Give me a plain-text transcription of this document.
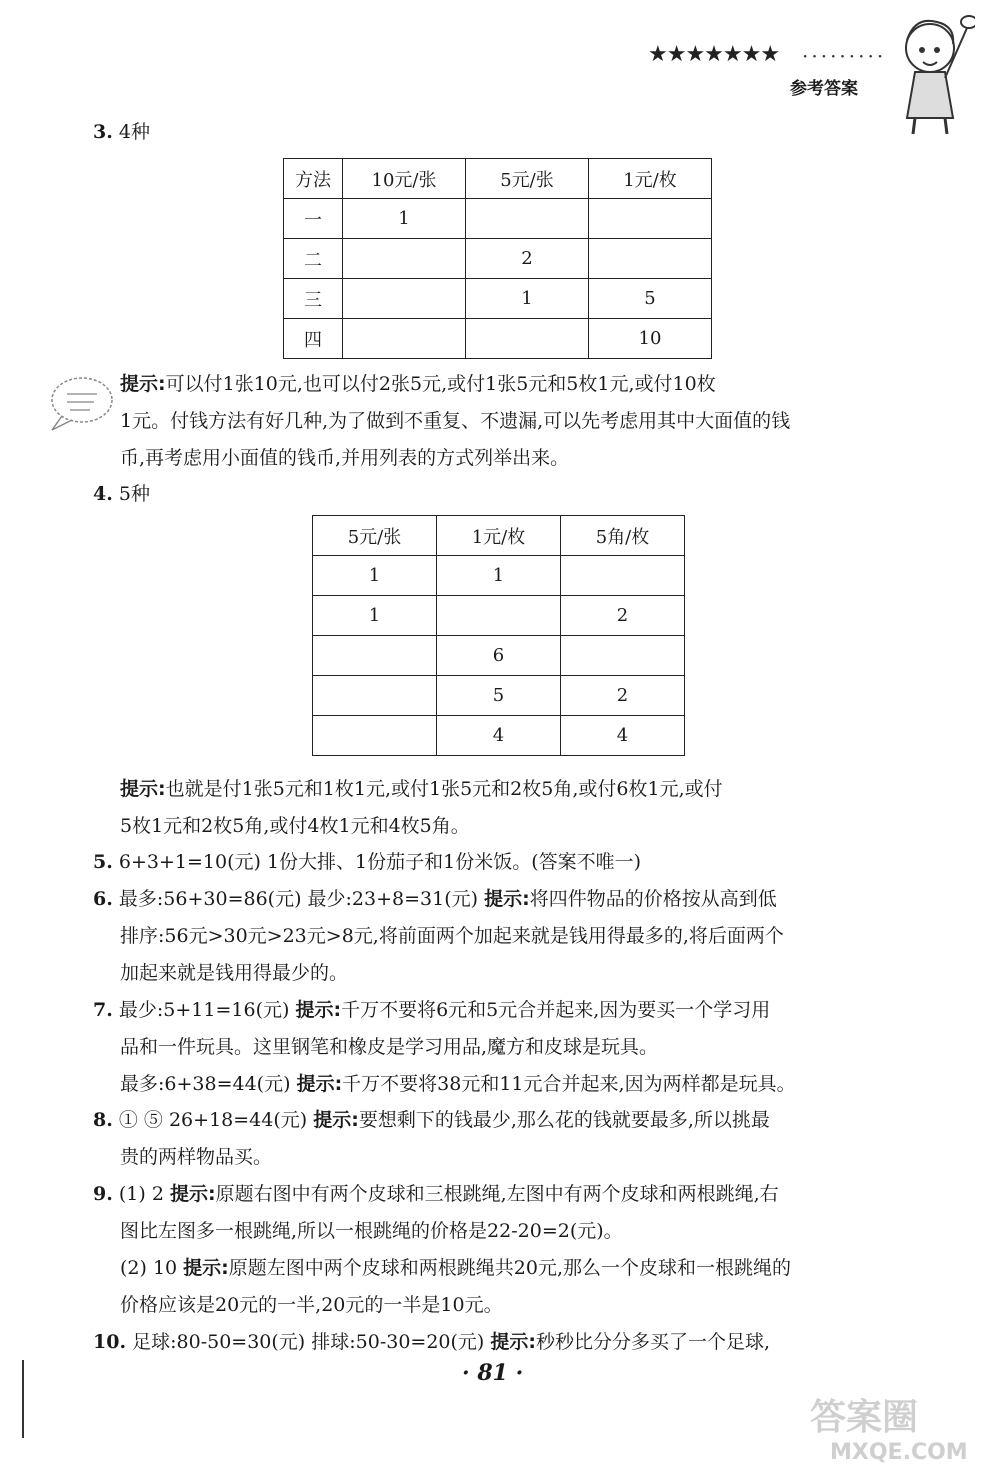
★★★★★★★ ·········
参考答案
3. 4种
方法	10元/张	5元/张	1元/枚
一	1		
二		2	
三		1	5
四			10
提示:可以付1张10元,也可以付2张5元,或付1张5元和5枚1元,或付10枚
1元。付钱方法有好几种,为了做到不重复、不遗漏,可以先考虑用其中大面值的钱
币,再考虑用小面值的钱币,并用列表的方式列举出来。
4. 5种
5元/张	1元/枚	5角/枚
1	1	
1		2
	6	
	5	2
	4	4
提示:也就是付1张5元和1枚1元,或付1张5元和2枚5角,或付6枚1元,或付
5枚1元和2枚5角,或付4枚1元和4枚5角。
5. 6+3+1=10(元) 1份大排、1份茄子和1份米饭。(答案不唯一)
6. 最多:56+30=86(元) 最少:23+8=31(元) 提示:将四件物品的价格按从高到低
排序:56元>30元>23元>8元,将前面两个加起来就是钱用得最多的,将后面两个
加起来就是钱用得最少的。
7. 最少:5+11=16(元) 提示:千万不要将6元和5元合并起来,因为要买一个学习用
品和一件玩具。这里钢笔和橡皮是学习用品,魔方和皮球是玩具。
最多:6+38=44(元) 提示:千万不要将38元和11元合并起来,因为两样都是玩具。
8. ① ⑤ 26+18=44(元) 提示:要想剩下的钱最少,那么花的钱就要最多,所以挑最
贵的两样物品买。
9. (1) 2 提示:原题右图中有两个皮球和三根跳绳,左图中有两个皮球和两根跳绳,右
图比左图多一根跳绳,所以一根跳绳的价格是22-20=2(元)。
(2) 10 提示:原题左图中两个皮球和两根跳绳共20元,那么一个皮球和一根跳绳的
价格应该是20元的一半,20元的一半是10元。
10. 足球:80-50=30(元) 排球:50-30=20(元) 提示:秒秒比分分多买了一个足球,
· 81 ·
答案圈
MXQE.COM
